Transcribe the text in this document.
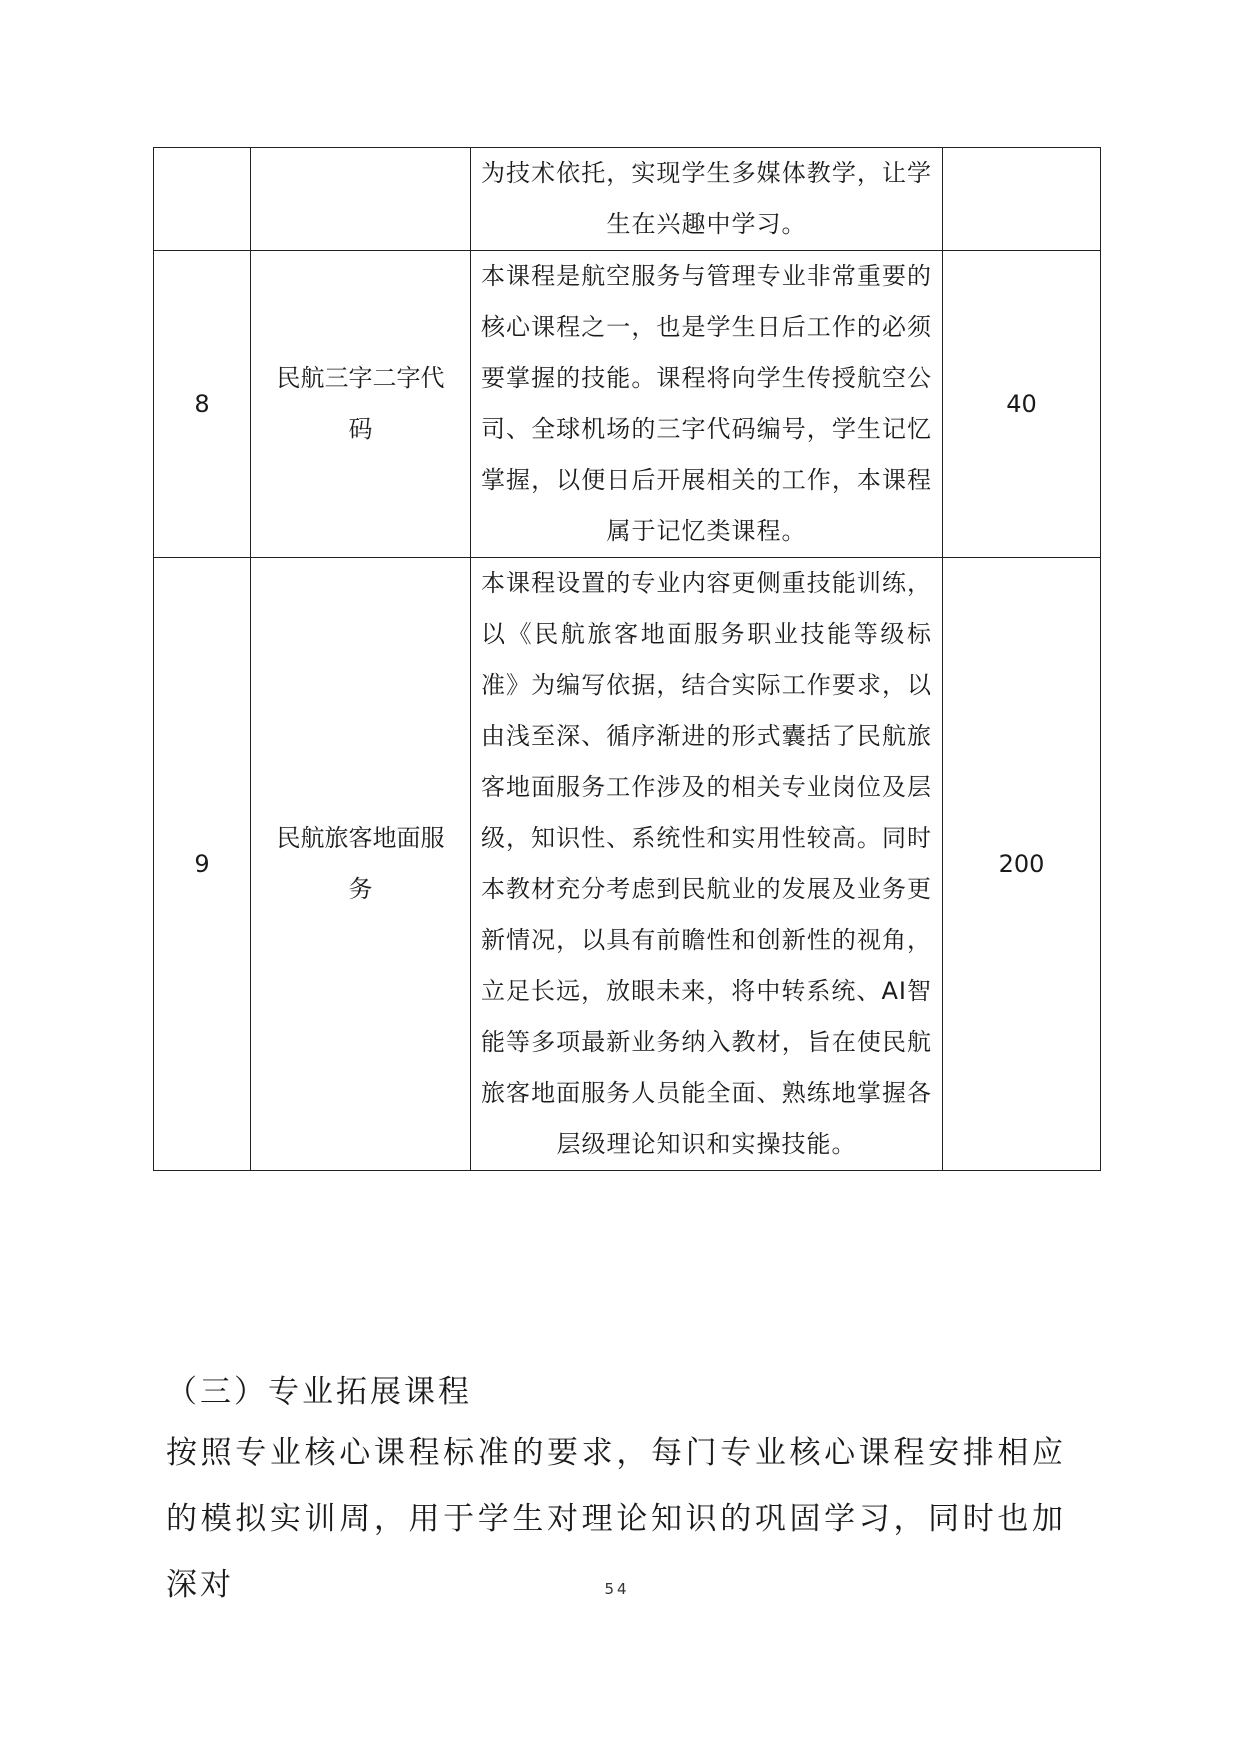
		为技术依托，实现学生多媒体教学，让学生在兴趣中学习。	
8	民航三字二字代码	本课程是航空服务与管理专业非常重要的核心课程之一，也是学生日后工作的必须要掌握的技能。课程将向学生传授航空公司、全球机场的三字代码编号，学生记忆掌握，以便日后开展相关的工作，本课程属于记忆类课程。	40
9	民航旅客地面服务	本课程设置的专业内容更侧重技能训练，以《民航旅客地面服务职业技能等级标准》为编写依据，结合实际工作要求，以由浅至深、循序渐进的形式囊括了民航旅客地面服务工作涉及的相关专业岗位及层级，知识性、系统性和实用性较高。同时本教材充分考虑到民航业的发展及业务更新情况，以具有前瞻性和创新性的视角，立足长远，放眼未来，将中转系统、AI智能等多项最新业务纳入教材，旨在使民航旅客地面服务人员能全面、熟练地掌握各层级理论知识和实操技能。	200
（三）专业拓展课程

按照专业核心课程标准的要求，每门专业核心课程安排相应的模拟实训周，用于学生对理论知识的巩固学习，同时也加深对	54
